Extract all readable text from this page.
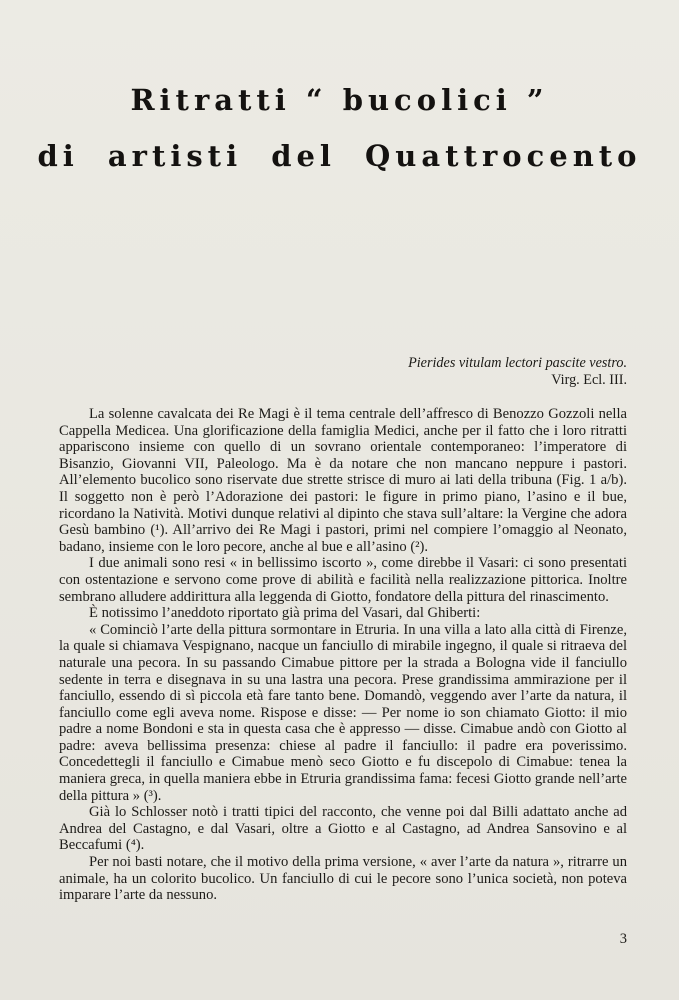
Ritratti “ bucolici ”
di artisti del Quattrocento
Pierides vitulam lectori pascite vestro.
Virg. Ecl. III.

La solenne cavalcata dei Re Magi è il tema centrale dell’affresco di Benozzo Gozzoli nella Cappella Medicea. Una glorificazione della famiglia Medici, anche per il fatto che i loro ritratti appariscono insieme con quello di un sovrano orientale contemporaneo: l’imperatore di Bisanzio, Giovanni VII, Paleologo. Ma è da notare che non mancano neppure i pastori. All’elemento bucolico sono riservate due strette strisce di muro ai lati della tribuna (Fig. 1 a/b). Il soggetto non è però l’Adorazione dei pastori: le figure in primo piano, l’asino e il bue, ricordano la Natività. Motivi dunque relativi al dipinto che stava sull’altare: la Vergine che adora Gesù bambino (¹). All’arrivo dei Re Magi i pastori, primi nel compiere l’omaggio al Neonato, badano, insieme con le loro pecore, anche al bue e all’asino (²).

I due animali sono resi « in bellissimo iscorto », come direbbe il Vasari: ci sono presentati con ostentazione e servono come prove di abilità e facilità nella realizzazione pittorica. Inoltre sembrano alludere addirittura alla leggenda di Giotto, fondatore della pittura del rinascimento.

È notissimo l’aneddoto riportato già prima del Vasari, dal Ghiberti:

« Cominciò l’arte della pittura sormontare in Etruria. In una villa a lato alla città di Firenze, la quale si chiamava Vespignano, nacque un fanciullo di mirabile ingegno, il quale si ritraeva del naturale una pecora. In su passando Cimabue pittore per la strada a Bologna vide il fanciullo sedente in terra e disegnava in su una lastra una pecora. Prese grandissima ammirazione per il fanciullo, essendo di sì piccola età fare tanto bene. Domandò, veggendo aver l’arte da natura, il fanciullo come egli aveva nome. Rispose e disse: — Per nome io son chiamato Giotto: il mio padre a nome Bondoni e sta in questa casa che è appresso — disse. Cimabue andò con Giotto al padre: aveva bellissima presenza: chiese al padre il fanciullo: il padre era poverissimo. Concedettegli il fanciullo e Cimabue menò seco Giotto e fu discepolo di Cimabue: tenea la maniera greca, in quella maniera ebbe in Etruria grandissima fama: fecesi Giotto grande nell’arte della pittura » (³).

Già lo Schlosser notò i tratti tipici del racconto, che venne poi dal Billi adattato anche ad Andrea del Castagno, e dal Vasari, oltre a Giotto e al Castagno, ad Andrea Sansovino e al Beccafumi (⁴).

Per noi basti notare, che il motivo della prima versione, « aver l’arte da natura », ritrarre un animale, ha un colorito bucolico. Un fanciullo di cui le pecore sono l’unica società, non poteva imparare l’arte da nessuno.

3
